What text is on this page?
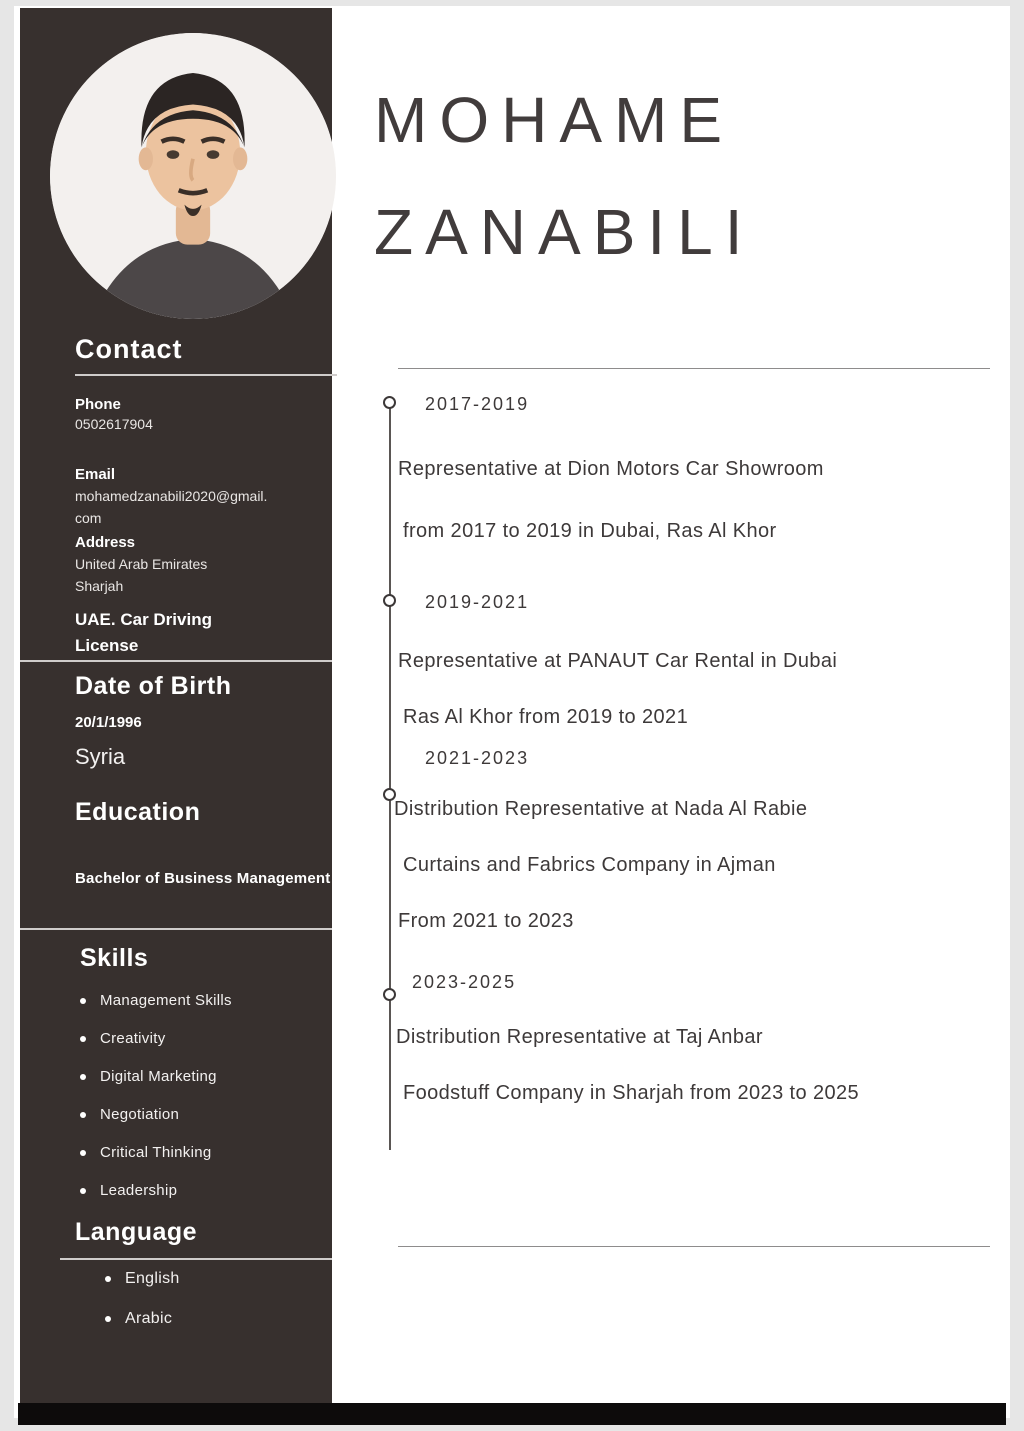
Contact
Phone
0502617904
Email
mohamedzanabili2020@gmail.
com
Address
United Arab Emirates
Sharjah
UAE. Car Driving
License
Date of Birth
20/1/1996
Syria
Education
Bachelor of Business Management
Skills
Management Skills
Creativity
Digital Marketing
Negotiation
Critical Thinking
Leadership
Language
English
Arabic
MOHAME
ZANABILI
2017-2019
Representative at Dion Motors Car Showroom
from 2017 to 2019 in Dubai, Ras Al Khor
2019-2021
Representative at PANAUT Car Rental in Dubai
Ras Al Khor from 2019 to 2021
2021-2023
Distribution Representative at Nada Al Rabie
Curtains and Fabrics Company in Ajman
From 2021 to 2023
2023-2025
Distribution Representative at Taj Anbar
Foodstuff Company in Sharjah from 2023 to 2025
